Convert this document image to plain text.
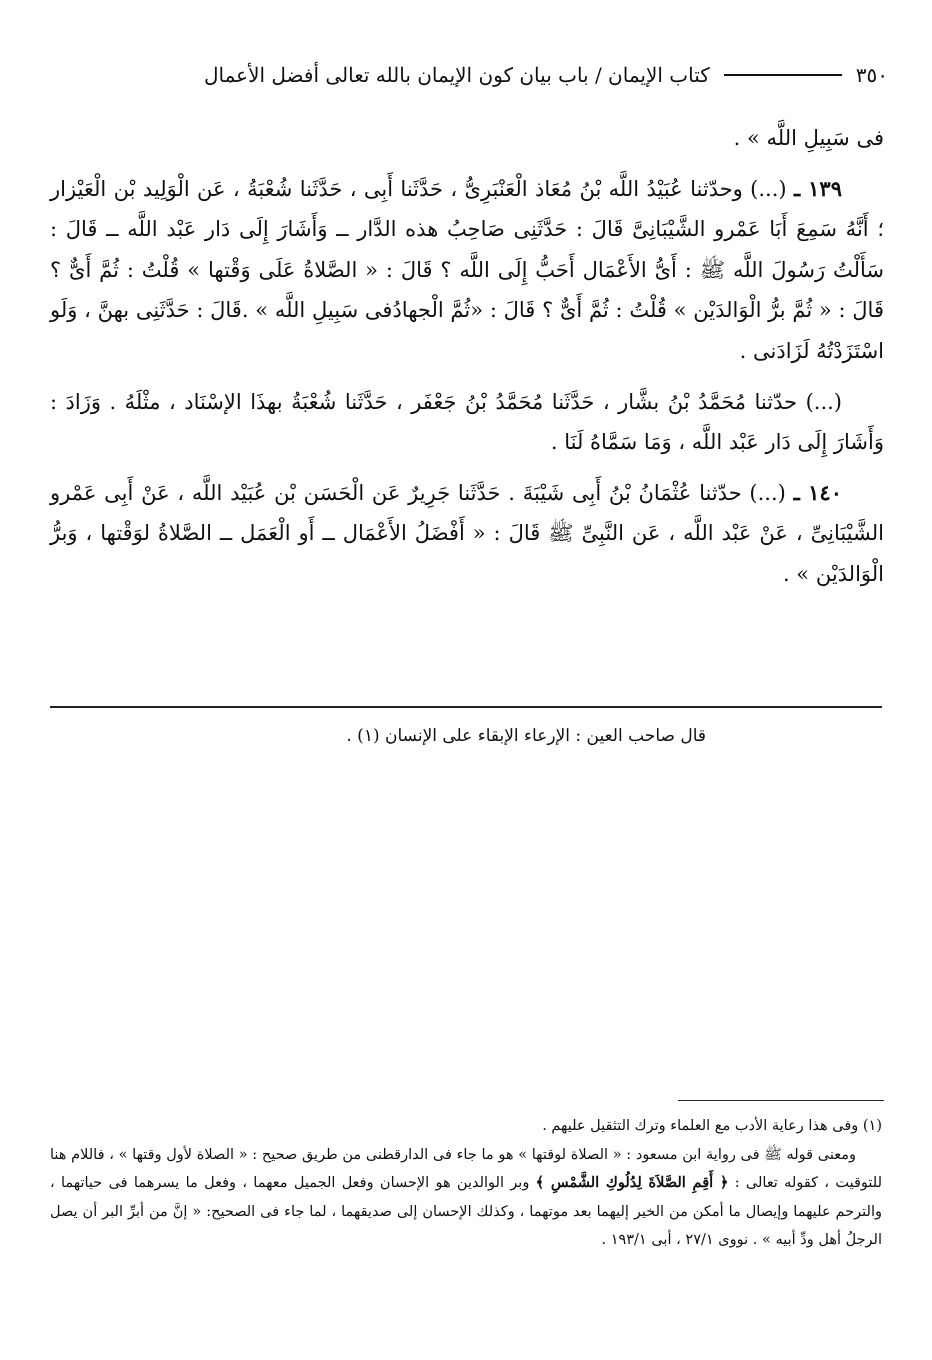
٣٥٠
كتاب الإيمان / باب بيان كون الإيمان بالله تعالى أفضل الأعمال

فى سَبِيلِ اللَّه » .

١٣٩ ـ (...) وحدّثنا عُبَيْدُ اللَّه بْنُ مُعَاذ الْعَنْبَرِىُّ ، حَدَّثَنا أَبِى ، حَدَّثَنا شُعْبَةُ ، عَن الْوَلِيد بْن الْعَيْزار ؛ أَنَّهُ سَمِعَ أَبَا عَمْرو الشَّيْبَانِىَّ قَالَ : حَدَّثَنِى صَاحِبُ هذه الدَّار ــ وَأَشَارَ إِلَى دَار عَبْد اللَّه ــ قَالَ : سَأَلْتُ رَسُولَ اللَّه ﷺ : أَىُّ الأَعْمَال أَحَبُّ إِلَى اللَّه ؟ قَالَ : « الصَّلاةُ عَلَى وَقْتها » قُلْتُ : ثُمَّ أَىٌّ ؟ قَالَ : « ثُمَّ برُّ الْوَالدَيْن » قُلْتُ : ثُمَّ أَىٌّ ؟ قَالَ : «ثُمَّ الْجهادُفى سَبِيلِ اللَّه » .قَالَ : حَدَّثَنِى بهنَّ ، وَلَو اسْتَزَدْتُهُ لَزَادَنى .

(...) حدّثنا مُحَمَّدُ بْنُ بشَّار ، حَدَّثَنا مُحَمَّدُ بْنُ جَعْفَر ، حَدَّثَنا شُعْبَةُ بهذَا الإسْنَاد ، مثْلَهُ . وَزَادَ : وَأَشَارَ إِلَى دَار عَبْد اللَّه ، وَمَا سَمَّاهُ لَنَا .

١٤٠ ـ (...) حدّثنا عُثْمَانُ بْنُ أَبِى شَيْبَةَ . حَدَّثَنا جَرِيرٌ عَن الْحَسَن بْن عُبَيْد اللَّه ، عَنْ أَبِى عَمْرو الشَّيْبَانِىِّ ، عَنْ عَبْد اللَّه ، عَن النَّبِىِّ ﷺ قَالَ : « أَفْضَلُ الأَعْمَال ــ أَو الْعَمَل ــ الصَّلاةُ لوَقْتها ، وَبرُّ الْوَالدَيْن » .

قال صاحب العين : الإرعاء الإبقاء على الإنسان (١) .

(١) وفى هذا رعاية الأدب مع العلماء وترك التثقيل عليهم .

ومعنى قوله ﷺ فى رواية ابن مسعود : « الصلاة لوقتها » هو ما جاء فى الدارقطنى من طريق صحيح : « الصلاة لأول وقتها » ، فاللام هنا للتوقيت ، كقوله تعالى : ﴿ أَقِمِ الصَّلاَةَ لِدُلُوكِ الشَّمْسِ ﴾ وبر الوالدين هو الإحسان وفعل الجميل معهما ، وفعل ما يسرهما فى حياتهما ، والترحم عليهما وإيصال ما أمكن من الخير إليهما بعد موتهما ، وكذلك الإحسان إلى صديقهما ، لما جاء فى الصحيح: « إنَّ من أبرِّ البر أن يصل الرجلُ أهل ودِّ أبيه » . نووى ٢٧/١ ، أبى ١٩٣/١ .
